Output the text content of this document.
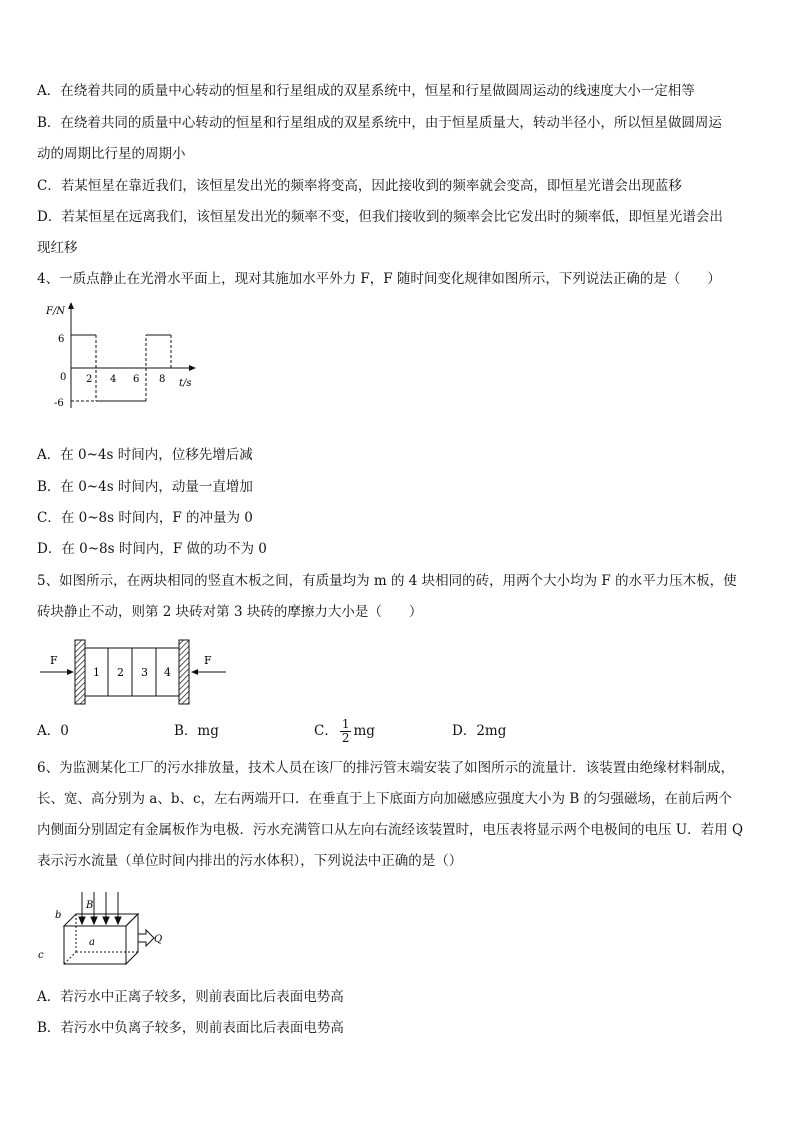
A．在绕着共同的质量中心转动的恒星和行星组成的双星系统中，恒星和行星做圆周运动的线速度大小一定相等
B．在绕着共同的质量中心转动的恒星和行星组成的双星系统中，由于恒星质量大，转动半径小，所以恒星做圆周运
动的周期比行星的周期小
C．若某恒星在靠近我们，该恒星发出光的频率将变高，因此接收到的频率就会变高，即恒星光谱会出现蓝移
D．若某恒星在远离我们，该恒星发出光的频率不变，但我们接收到的频率会比它发出时的频率低，即恒星光谱会出
现红移
4、一质点静止在光滑水平面上，现对其施加水平外力 F，F 随时间变化规律如图所示，下列说法正确的是（　　）
F/N
t/s
0
6
-6
2 4 6 8
A．在 0~4s 时间内，位移先增后减
B．在 0~4s 时间内，动量一直增加
C．在 0~8s 时间内，F 的冲量为 0
D．在 0~8s 时间内，F 做的功不为 0
5、如图所示，在两块相同的竖直木板之间，有质量均为 m 的 4 块相同的砖，用两个大小均为 F 的水平力压木板，使
砖块静止不动，则第 2 块砖对第 3 块砖的摩擦力大小是（　　）
1 2 3 4
F	F
A．0	B．mg	C． $\frac{1}{2}$ mg	D．2mg
6、为监测某化工厂的污水排放量，技术人员在该厂的排污管末端安装了如图所示的流量计．该装置由绝缘材料制成，
长、宽、高分别为 a、b、c，左右两端开口．在垂直于上下底面方向加磁感应强度大小为 B 的匀强磁场，在前后两个
内侧面分别固定有金属板作为电极．污水充满管口从左向右流经该装置时，电压表将显示两个电极间的电压 U．若用 Q
表示污水流量（单位时间内排出的污水体积），下列说法中正确的是（）
b
B
a
c
Q
A．若污水中正离子较多，则前表面比后表面电势高
B．若污水中负离子较多，则前表面比后表面电势高
